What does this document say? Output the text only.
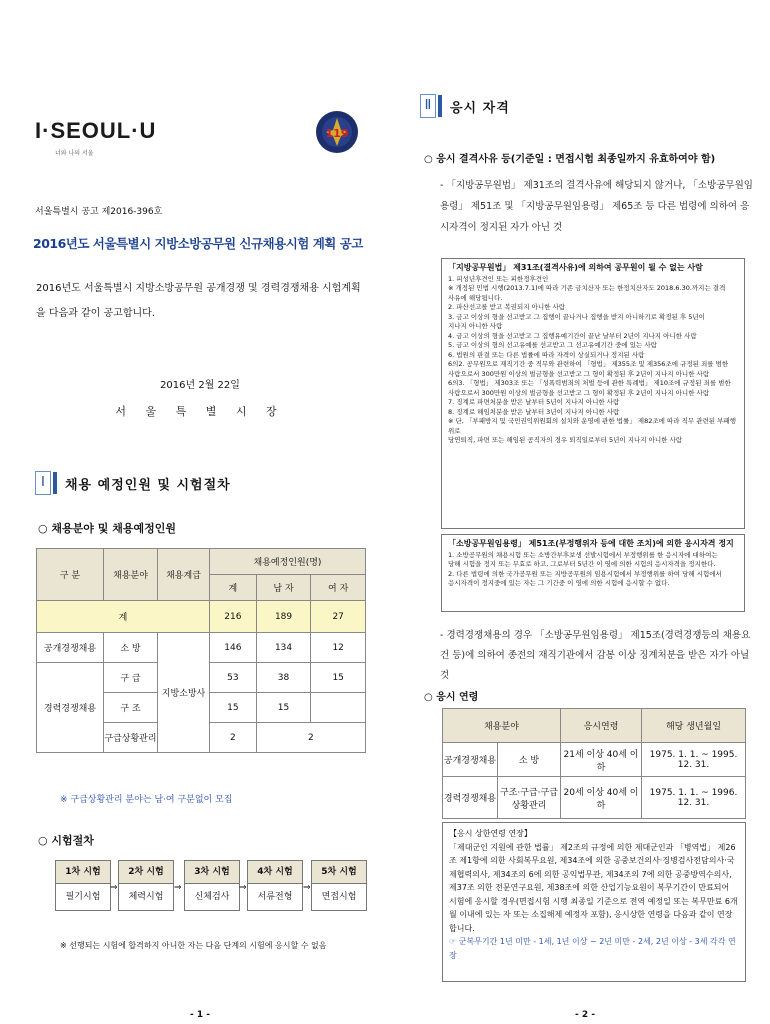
I·SEOUL·U
너와 나의 서울
119
서울특별시 공고 제2016-396호
2016년도 서울특별시 지방소방공무원 신규채용시험 계획 공고
2016년도 서울특별시 지방소방공무원 공개경쟁 및 경력경쟁채용 시험계획을 다음과 같이 공고합니다.
2016년 2월 22일
서 울 특 별 시 장
Ⅰ	채용 예정인원 및 시험절차
○ 채용분야 및 채용예정인원
구 분	채용분야	채용계급	채용예정인원(명)		
			계	남 자	여 자
계			216	189	27
공개경쟁채용	소 방	지방소방사	146	134	12
경력경쟁채용	구 급		53	38	15
	구 조		15	15	
	구급상황관리		2	2	
※ 구급상황관리 분야는 남·여 구분없이 모집
○ 시험절차
1차 시험
필기시험
⇒
2차 시험
체력시험
⇒
3차 시험
신체검사
⇒
4차 시험
서류전형
⇒
5차 시험
면접시험
※ 선행되는 시험에 합격하지 아니한 자는 다음 단계의 시험에 응시할 수 없음
- 1 -
Ⅱ	응시 자격
○ 응시 결격사유 등(기준일 : 면접시험 최종일까지 유효하여야 함)
- 「지방공무원법」 제31조의 결격사유에 해당되지 않거나, 「소방공무원임용령」 제51조 및 「지방공무원임용령」 제65조 등 다른 법령에 의하여 응시자격이 정지된 자가 아닌 것
「지방공무원법」 제31조(결격사유)에 의하여 공무원이 될 수 없는 사람
1. 피성년후견인 또는 피한정후견인
※ 개정된 민법 시행(2013.7.1)에 따라 기존 금치산자 또는 한정치산자도 2018.6.30.까지는 결격
사유에 해당됩니다.
2. 파산선고를 받고 복권되지 아니한 사람
3. 금고 이상의 형을 선고받고 그 집행이 끝나거나 집행을 받지 아니하기로 확정된 후 5년이
지나지 아니한 사람
4. 금고 이상의 형을 선고받고 그 집행유예기간이 끝난 날부터 2년이 지나지 아니한 사람
5. 금고 이상의 형의 선고유예를 선고받고 그 선고유예기간 중에 있는 사람
6. 법원의 판결 또는 다른 법률에 따라 자격이 상실되거나 정지된 사람
6의2. 공무원으로 재직기간 중 직무와 관련하여 「형법」 제355조 및 제356조에 규정된 죄를 범한
사람으로서 300만원 이상의 벌금형을 선고받고 그 형이 확정된 후 2년이 지나지 아니한 사람
6의3. 「형법」 제303조 또는 「성폭력범죄의 처벌 등에 관한 특례법」 제10조에 규정된 죄를 범한
사람으로서 300만원 이상의 벌금형을 선고받고 그 형이 확정된 후 2년이 지나지 아니한 사람
7. 징계로 파면처분을 받은 날부터 5년이 지나지 아니한 사람
8. 징계로 해임처분을 받은 날부터 3년이 지나지 아니한 사람
※ 단, 「부패방지 및 국민권익위원회의 설치와 운영에 관한 법률」 제82조에 따라 직무 관련된 부패행위로
당연퇴직, 파면 또는 해임된 공직자의 경우 퇴직일로부터 5년이 지나지 아니한 사람
「소방공무원임용령」 제51조(부정행위자 등에 대한 조치)에 의한 응시자격 정지
1. 소방공무원의 채용시험 또는 소방간부후보생 선발시험에서 부정행위를 한 응시자에 대하여는
당해 시험을 정지 또는 무효로 하고, 그로부터 5년간 이 영에 의한 시험의 응시자격을 정지한다.
2. 다른 법령에 의한 국가공무원 또는 지방공무원의 임용시험에서 부정행위를 하여 당해 시험에서
응시자격이 정지중에 있는 자는 그 기간중 이 영에 의한 시험에 응시할 수 없다.
- 경력경쟁채용의 경우 「소방공무원임용령」 제15조(경력경쟁등의 채용요건 등)에 의하여 종전의 재직기관에서 감봉 이상 징계처분을 받은 자가 아닐 것
○ 응시 연령
채용분야		응시연령	해당 생년월일
공개경쟁채용	소 방	21세 이상 40세 이하	1975. 1. 1. ~ 1995. 12. 31.
경력경쟁채용	구조·구급·구급상황관리	20세 이상 40세 이하	1975. 1. 1. ~ 1996. 12. 31.
【응시 상한연령 연장】
「제대군인 지원에 관한 법률」 제2조의 규정에 의한 제대군인과 「병역법」 제26조 제1항에 의한 사회복무요원, 제34조에 의한 공중보건의사·징병검사전담의사·국제협력의사, 제34조의 6에 의한 공익법무관, 제34조의 7에 의한 공중방역수의사, 제37조 의한 전문연구요원, 제38조에 의한 산업기능요원이 복무기간이 만료되어 시험에 응시할 경우(면접시험 시행 최종일 기준으로 전역 예정일 또는 복무만료 6개월 이내에 있는 자 또는 소집해제 예정자 포함), 응시상한 연령을 다음과 같이 연장합니다.
☞ 군복무기간 1년 미만 - 1세, 1년 이상 ~ 2년 미만 - 2세, 2년 이상 - 3세 각각 연장
- 2 -
